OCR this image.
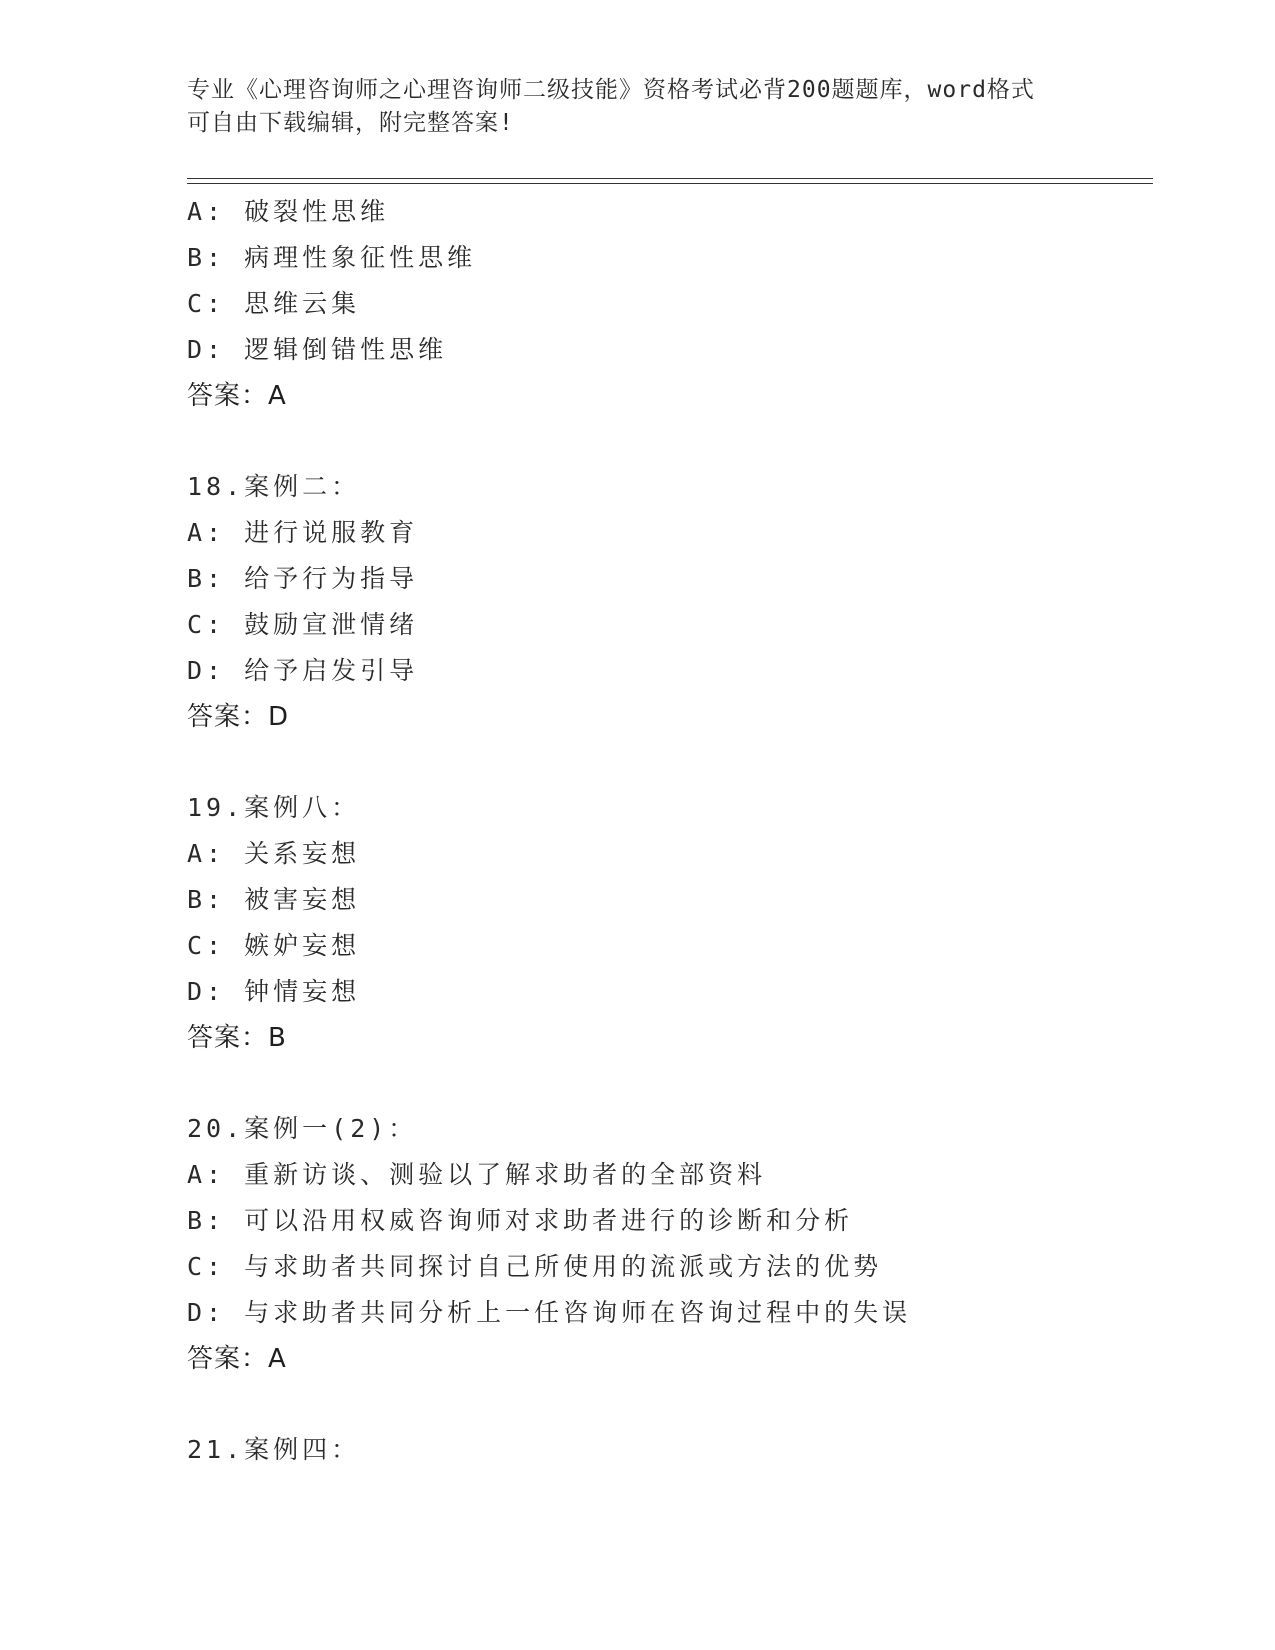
专业《心理咨询师之心理咨询师二级技能》资格考试必背200题题库，word格式
可自由下载编辑，附完整答案!
A: 破裂性思维
B: 病理性象征性思维
C: 思维云集
D: 逻辑倒错性思维
答案：A
18.案例二：
A: 进行说服教育
B: 给予行为指导
C: 鼓励宣泄情绪
D: 给予启发引导
答案：D
19.案例八：
A: 关系妄想
B: 被害妄想
C: 嫉妒妄想
D: 钟情妄想
答案：B
20.案例一(2)：
A: 重新访谈、测验以了解求助者的全部资料
B: 可以沿用权威咨询师对求助者进行的诊断和分析
C: 与求助者共同探讨自己所使用的流派或方法的优势
D: 与求助者共同分析上一任咨询师在咨询过程中的失误
答案：A
21.案例四：
